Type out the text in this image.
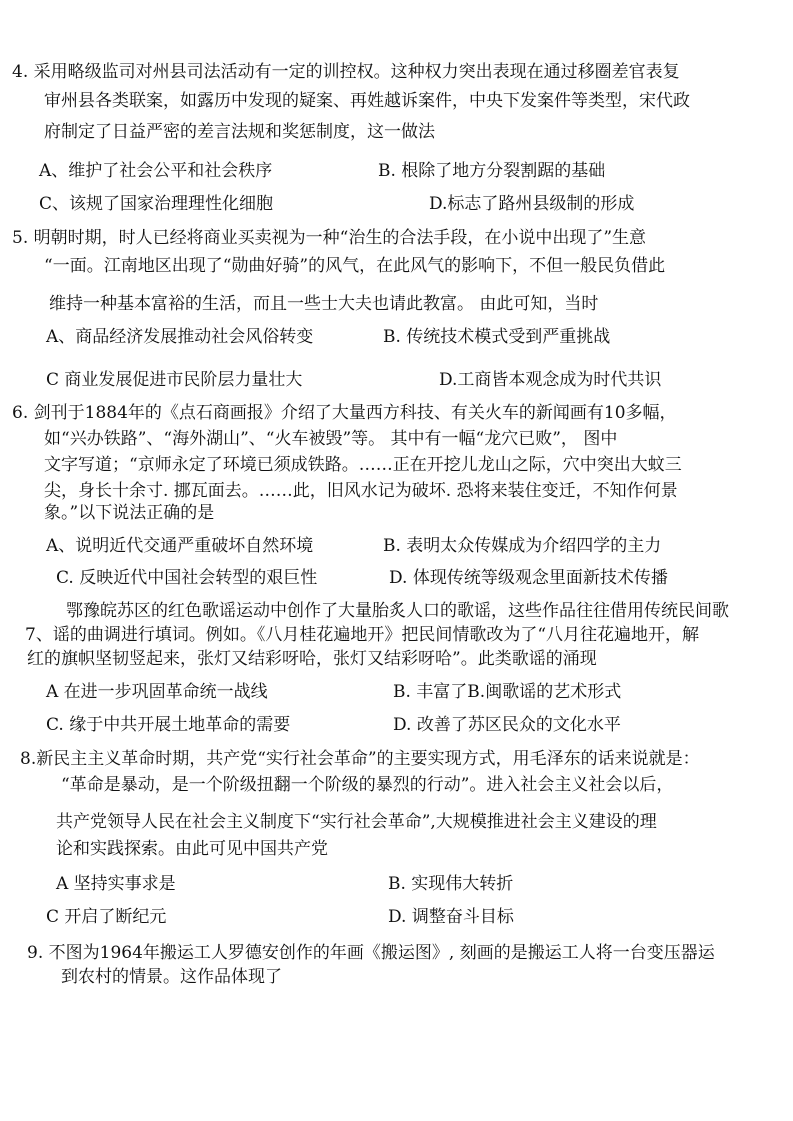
4. 采用略级监司对州县司法活动有一定的训控权。这种权力突出表现在通过移圈差官表复
审州县各类联案，如露历中发现的疑案、再姓越诉案件，中央下发案件等类型，宋代政
府制定了日益严密的差言法规和奖惩制度，这一做法
A、维护了社会公平和社会秩序	B. 根除了地方分裂割踞的基础
C、该规了国家治理理性化细胞	D.标志了路州县级制的形成
5. 明朝时期，时人已经将商业买卖视为一种“治生的合法手段，在小说中出现了”生意
“一面。江南地区出现了“勋曲好骑”的风气，在此风气的影响下，不但一般民负借此
维持一种基本富裕的生活，而且一些士大夫也请此教富。 由此可知，当时
A、商品经济发展推动社会风俗转变	B. 传统技术模式受到严重挑战
C 商业发展促进市民阶层力量壮大	D.工商皆本观念成为时代共识
6. 剑刊于1884年的《点石商画报》介绍了大量西方科技、有关火车的新闻画有10多幅，
如“兴办铁路”、“海外湖山”、“火车被毁”等。 其中有一幅“龙穴已败”， 图中
文字写道；“京师永定了环境已须成铁路。……正在开挖儿龙山之际，穴中突出大蚊三
尖，身长十余寸. 挪瓦面去。……此，旧风水记为破坏. 恐将来装住变迁，不知作何景
象。”以下说法正确的是
A、说明近代交通严重破坏自然环境	B. 表明太众传媒成为介绍四学的主力
C. 反映近代中国社会转型的艰巨性	D. 体现传统等级观念里面新技术传播
鄂豫皖苏区的红色歌谣运动中创作了大量胎炙人口的歌谣，这些作品往往借用传统民间歌
7、谣的曲调进行填词。例如。《八月桂花遍地开》把民间情歌改为了“八月往花遍地开，解
红的旗帜坚韧竖起来，张灯又结彩呀哈，张灯又结彩呀哈”。此类歌谣的涌现
A 在进一步巩固革命统一战线	B. 丰富了B.闽歌谣的艺术形式
C. 缘于中共开展土地革命的需要	D. 改善了苏区民众的文化水平
8.新民主主义革命时期，共产党“实行社会革命”的主要实现方式，用毛泽东的话来说就是：
“革命是暴动，是一个阶级扭翻一个阶级的暴烈的行动”。进入社会主义社会以后，
共产党领导人民在社会主义制度下“实行社会革命”,大规模推进社会主义建设的理
论和实践探索。由此可见中国共产党
A 坚持实事求是	B. 实现伟大转折
C 开启了断纪元	D. 调整奋斗目标
9. 不图为1964年搬运工人罗德安创作的年画《搬运图》, 刻画的是搬运工人将一台变压器运
到农村的情景。这作品体现了
